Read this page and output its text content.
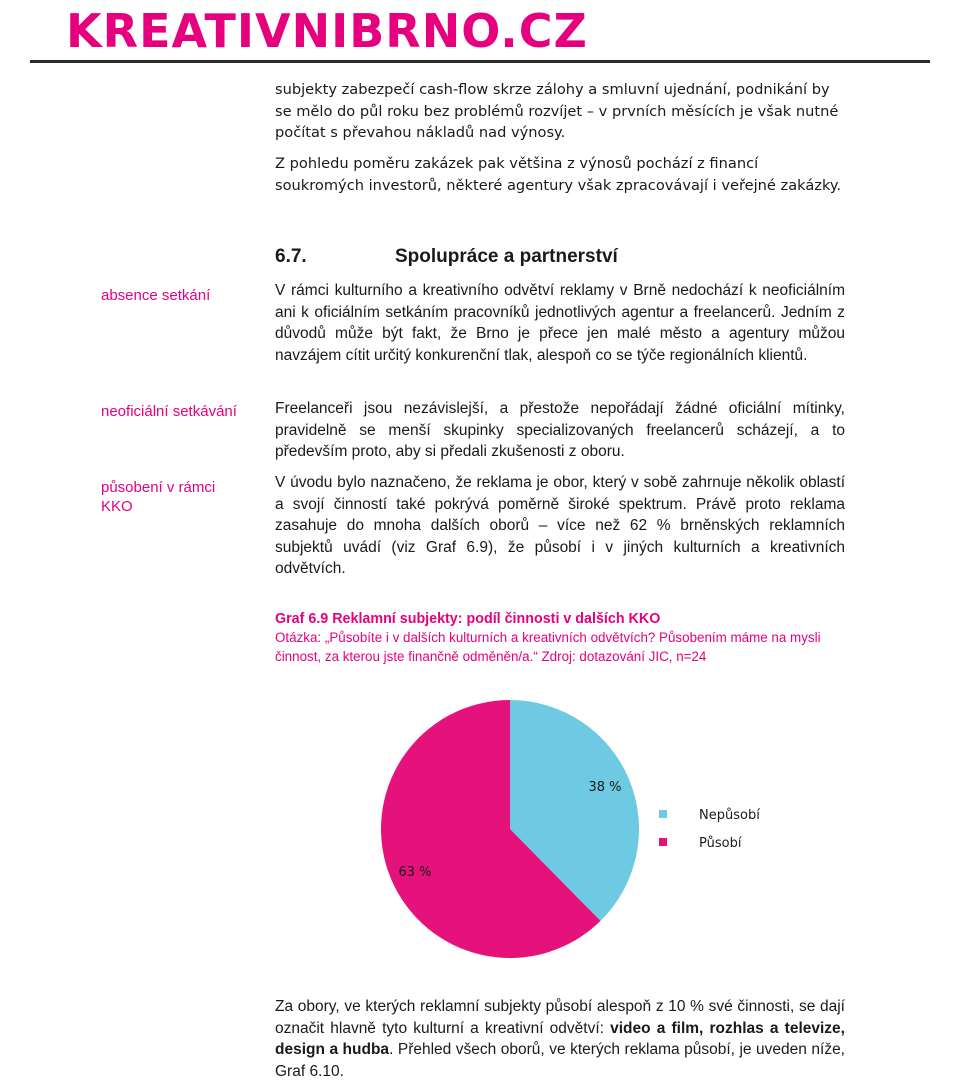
KREATIVNIBRNO.CZ
subjekty zabezpečí cash-flow skrze zálohy a smluvní ujednání, podnikání by se mělo do půl roku bez problémů rozvíjet – v prvních měsících je však nutné počítat s převahou nákladů nad výnosy.
Z pohledu poměru zakázek pak většina z výnosů pochází z financí soukromých investorů, některé agentury však zpracovávají i veřejné zakázky.
6.7.	Spolupráce a partnerství
absence setkání
neoficiální setkávání
působení v rámci KKO
V rámci kulturního a kreativního odvětví reklamy v Brně nedochází k neoficiálním ani k oficiálním setkáním pracovníků jednotlivých agentur a freelancerů. Jedním z důvodů může být fakt, že Brno je přece jen malé město a agentury můžou navzájem cítit určitý konkurenční tlak, alespoň co se týče regionálních klientů.
Freelanceři jsou nezávislejší, a přestože nepořádají žádné oficiální mítinky, pravidelně se menší skupinky specializovaných freelancerů scházejí, a to především proto, aby si předali zkušenosti z oboru.
V úvodu bylo naznačeno, že reklama je obor, který v sobě zahrnuje několik oblastí a svojí činností také pokrývá poměrně široké spektrum. Právě proto reklama zasahuje do mnoha dalších oborů – více než 62 % brněnských reklamních subjektů uvádí (viz Graf 6.9), že působí i v jiných kulturních a kreativních odvětvích.
Graf 6.9 Reklamní subjekty: podíl činnosti v dalších KKO
Otázka: „Působíte i v dalších kulturních a kreativních odvětvích? Působením máme na mysli činnost, za kterou jste finančně odměněn/a.“ Zdroj: dotazování JIC, n=24
38 %
63 %
Nepůsobí
Působí
Za obory, ve kterých reklamní subjekty působí alespoň z 10 % své činnosti, se dají označit hlavně tyto kulturní a kreativní odvětví: video a film, rozhlas a televize, design a hudba. Přehled všech oborů, ve kterých reklama působí, je uveden níže, Graf 6.10.
